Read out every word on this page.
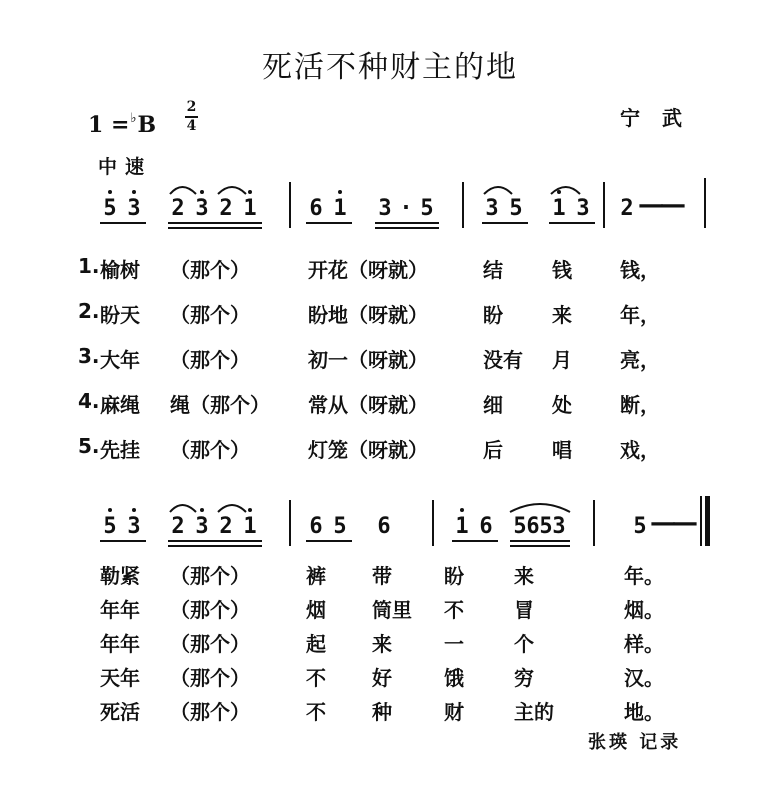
死活不种财主的地
1 =♭B
2
4	宁武
中速
5 3 2 3 2 1 6 1 3 · 5 3 5 1 3 2 ——
1. 榆树 （那个）	开花（呀就）	结 钱 钱，
2. 盼天 （那个）	盼地（呀就）	盼 来 年，
3. 大年 （那个）	初一（呀就）	没有 月 亮，
4. 麻绳 绳（那个） 常从（呀就）	细 处 断，
5. 先挂 （那个）	灯笼（呀就）	后 唱 戏，
5 3 2 3 2 1 6 5 6	1 6 5 6 5 3	5 ——
勒紧 （那个）	裤 带	盼	来	年。
年年 （那个）	烟 筒里 不	冒	烟。
年年 （那个）	起 来	一	个	样。
天年 （那个）	不 好	饿	穷	汉。
死活 （那个）	不 种	财	主的	地。
张瑛 记录
